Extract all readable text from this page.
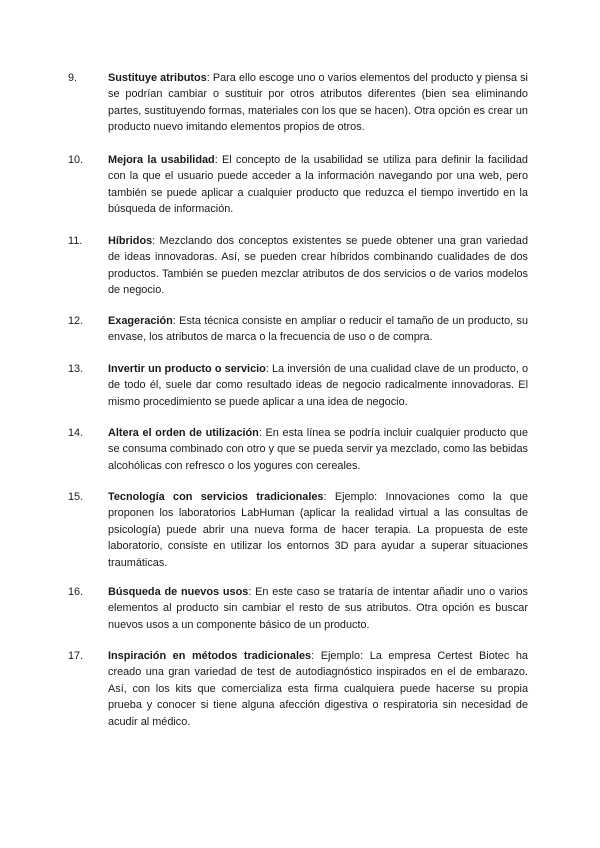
9.	Sustituye atributos: Para ello escoge uno o varios elementos del producto y piensa si se podrían cambiar o sustituir por otros atributos diferentes (bien sea eliminando partes, sustituyendo formas, materiales con los que se hacen). Otra opción es crear un producto nuevo imitando elementos propios de otros.

10.	Mejora la usabilidad: El concepto de la usabilidad se utiliza para definir la facilidad con la que el usuario puede acceder a la información navegando por una web, pero también se puede aplicar a cualquier producto que reduzca el tiempo invertido en la búsqueda de información.

11.	Híbridos: Mezclando dos conceptos existentes se puede obtener una gran variedad de ideas innovadoras. Así, se pueden crear híbridos combinando cualidades de dos productos. También se pueden mezclar atributos de dos servicios o de varios modelos de negocio.

12.	Exageración: Esta técnica consiste en ampliar o reducir el tamaño de un producto, su envase, los atributos de marca o la frecuencia de uso o de compra.

13.	Invertir un producto o servicio: La inversión de una cualidad clave de un producto, o de todo él, suele dar como resultado ideas de negocio radicalmente innovadoras. El mismo procedimiento se puede aplicar a una idea de negocio.

14.	Altera el orden de utilización: En esta línea se podría incluir cualquier producto que se consuma combinado con otro y que se pueda servir ya mezclado, como las bebidas alcohólicas con refresco o los yogures con cereales.

15.	Tecnología con servicios tradicionales: Ejemplo: Innovaciones como la que proponen los laboratorios LabHuman (aplicar la realidad virtual a las consultas de psicología) puede abrir una nueva forma de hacer terapia. La propuesta de este laboratorio, consiste en utilizar los entornos 3D para ayudar a superar situaciones traumáticas.

16.	Búsqueda de nuevos usos: En este caso se trataría de intentar añadir uno o varios elementos al producto sin cambiar el resto de sus atributos. Otra opción es buscar nuevos usos a un componente básico de un producto.

17.	Inspiración en métodos tradicionales: Ejemplo: La empresa Certest Biotec ha creado una gran variedad de test de autodiagnóstico inspirados en el de embarazo. Así, con los kits que comercializa esta firma cualquiera puede hacerse su propia prueba y conocer si tiene alguna afección digestiva o respiratoria sin necesidad de acudir al médico.
